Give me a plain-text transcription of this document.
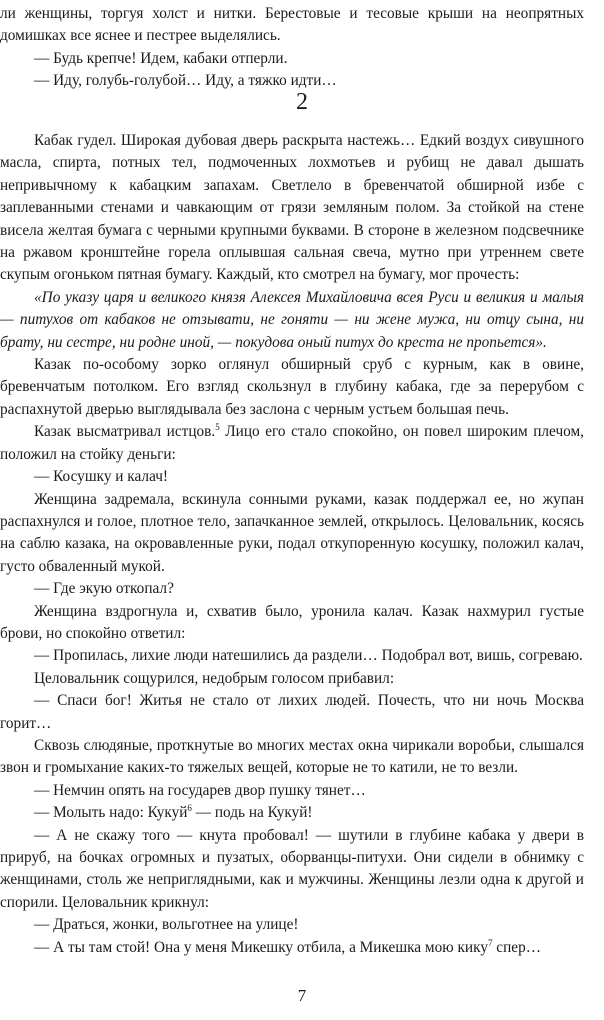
ли женщины, торгуя холст и нитки. Берестовые и тесовые крыши на неопрятных домишках все яснее и пестрее выделялись.

— Будь крепче! Идем, кабаки отперли.

— Иду, голубь-голубой… Иду, а тяжко идти…

2

Кабак гудел. Широкая дубовая дверь раскрыта настежь… Едкий воздух сивушного масла, спирта, потных тел, подмоченных лохмотьев и рубищ не давал дышать непривычному к кабацким запахам. Светлело в бревенчатой обширной избе с заплеванными стенами и чавкающим от грязи земляным полом. За стойкой на стене висела желтая бумага с черными крупными буквами. В стороне в железном подсвечнике на ржавом кронштейне горела оплывшая сальная свеча, мутно при утреннем свете скупым огоньком пятная бумагу. Каждый, кто смотрел на бумагу, мог прочесть:

«По указу царя и великого князя Алексея Михайловича всея Руси и великия и малыя — питухов от кабаков не отзывати, не гоняти — ни жене мужа, ни отцу сына, ни брату, ни сестре, ни родне иной, — покудова оный питух до креста не пропьется».

Казак по-особому зорко оглянул обширный сруб с курным, как в овине, бревенчатым потолком. Его взгляд скользнул в глубину кабака, где за перерубом с распахнутой дверью выглядывала без заслона с черным устьем большая печь.

Казак высматривал истцов.$^5$ Лицо его стало спокойно, он повел широким плечом, положил на стойку деньги:

— Косушку и калач!

Женщина задремала, вскинула сонными руками, казак поддержал ее, но жупан распахнулся и голое, плотное тело, запачканное землей, открылось. Целовальник, косясь на саблю казака, на окровавленные руки, подал откупоренную косушку, положил калач, густо обваленный мукой.

— Где экую откопал?

Женщина вздрогнула и, схватив было, уронила калач. Казак нахмурил густые брови, но спокойно ответил:

— Пропилась, лихие люди натешились да раздели… Подобрал вот, вишь, согреваю.

Целовальник сощурился, недобрым голосом прибавил:

— Спаси бог! Житья не стало от лихих людей. Почесть, что ни ночь Москва горит…

Сквозь слюдяные, проткнутые во многих местах окна чирикали воробьи, слышался звон и громыхание каких-то тяжелых вещей, которые не то катили, не то везли.

— Немчин опять на государев двор пушку тянет…

— Молыть надо: Кукуй$^6$ — подь на Кукуй!

— А не скажу того — кнута пробовал! — шутили в глубине кабака у двери в прируб, на бочках огромных и пузатых, оборванцы-питухи. Они сидели в обнимку с женщинами, столь же неприглядными, как и мужчины. Женщины лезли одна к другой и спорили. Целовальник крикнул:

— Драться, жонки, вольготнее на улице!

— А ты там стой! Она у меня Микешку отбила, а Микешка мою кику$^7$ спер…

7
